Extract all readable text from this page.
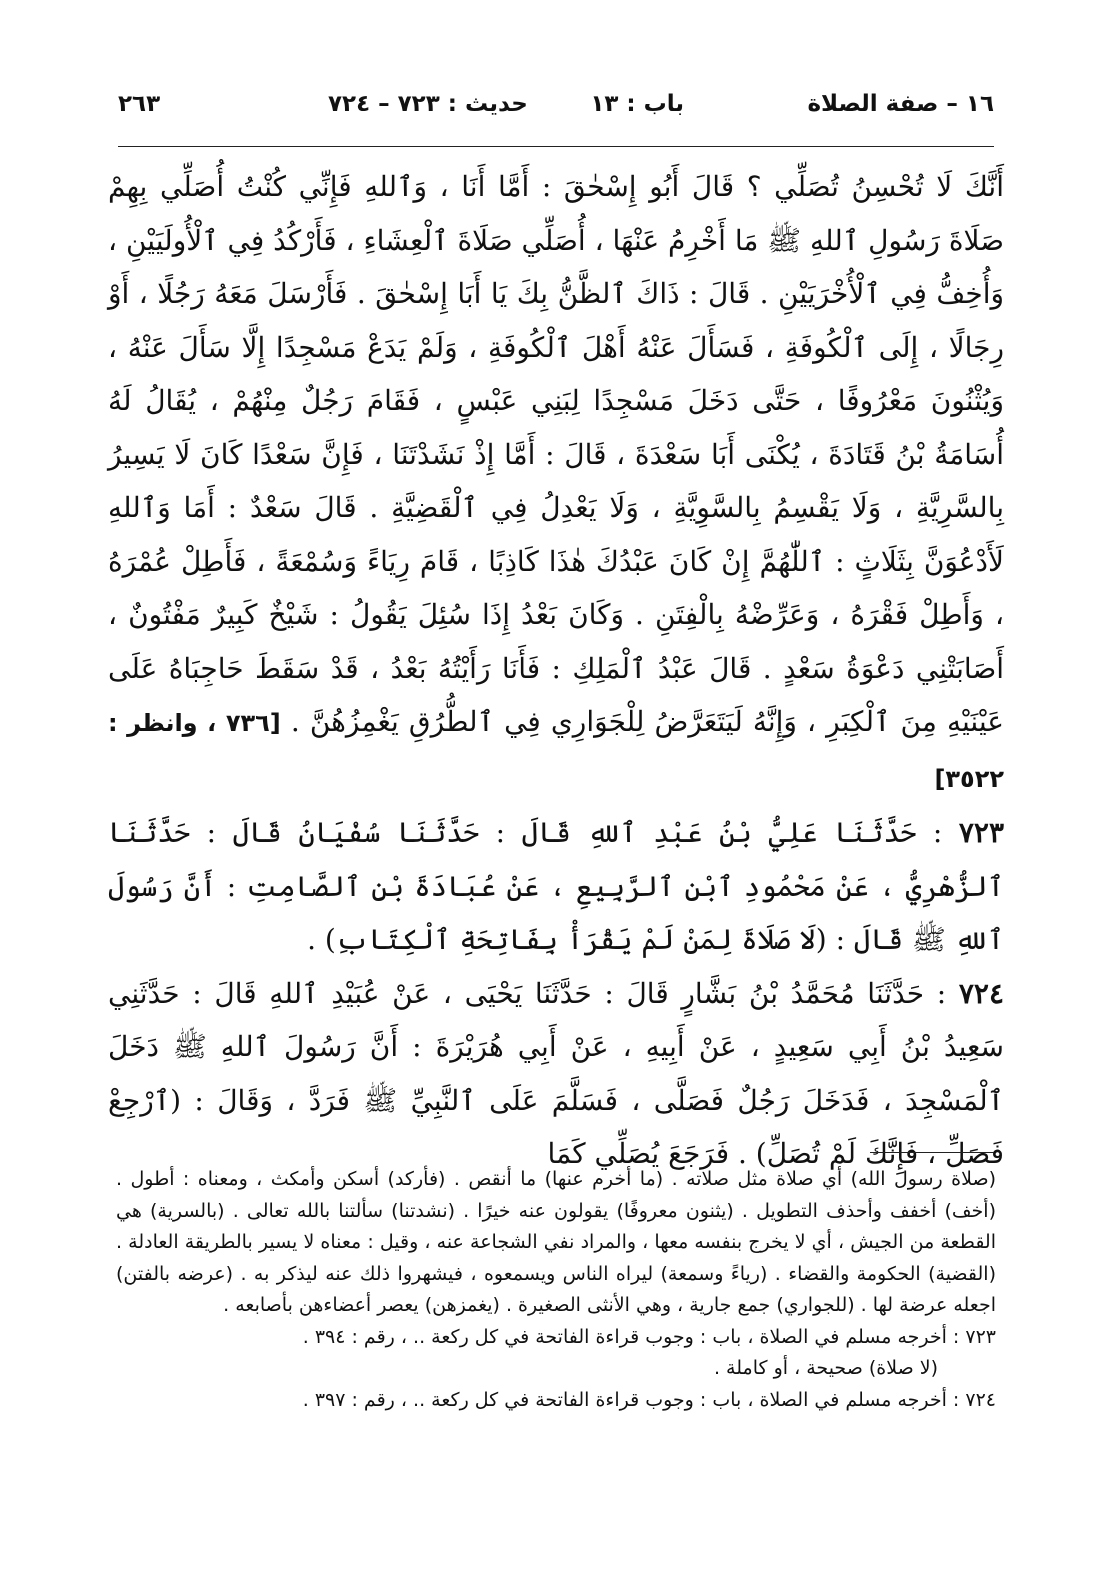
١٦ – صفة الصلاة
باب : ١٣
حديث : ٧٢٣ – ٧٢٤
٢٦٣

أَنَّكَ لَا تُحْسِنُ تُصَلِّي ؟ قَالَ أَبُو إِسْحٰقَ : أَمَّا أَنَا ، وَٱللهِ فَإِنِّي كُنْتُ أُصَلِّي بِهِمْ صَلَاةَ رَسُولِ ٱللهِ ﷺ مَا أَخْرِمُ عَنْهَا ، أُصَلِّي صَلَاةَ ٱلْعِشَاءِ ، فَأَرْكُدُ فِي ٱلْأُولَيَيْنِ ، وَأُخِفُّ فِي ٱلْأُخْرَيَيْنِ . قَالَ : ذَاكَ ٱلظَّنُّ بِكَ يَا أَبَا إِسْحٰقَ . فَأَرْسَلَ مَعَهُ رَجُلًا ، أَوْ رِجَالًا ، إِلَى ٱلْكُوفَةِ ، فَسَأَلَ عَنْهُ أَهْلَ ٱلْكُوفَةِ ، وَلَمْ يَدَعْ مَسْجِدًا إِلَّا سَأَلَ عَنْهُ ، وَيُثْنُونَ مَعْرُوفًا ، حَتَّى دَخَلَ مَسْجِدًا لِبَنِي عَبْسٍ ، فَقَامَ رَجُلٌ مِنْهُمْ ، يُقَالُ لَهُ أُسَامَةُ بْنُ قَتَادَةَ ، يُكْنَى أَبَا سَعْدَةَ ، قَالَ : أَمَّا إِذْ نَشَدْتَنَا ، فَإِنَّ سَعْدًا كَانَ لَا يَسِيرُ بِالسَّرِيَّةِ ، وَلَا يَقْسِمُ بِالسَّوِيَّةِ ، وَلَا يَعْدِلُ فِي ٱلْقَضِيَّةِ . قَالَ سَعْدٌ : أَمَا وَٱللهِ لَأَدْعُوَنَّ بِثَلَاثٍ : ٱللّٰهُمَّ إِنْ كَانَ عَبْدُكَ هٰذَا كَاذِبًا ، قَامَ رِيَاءً وَسُمْعَةً ، فَأَطِلْ عُمْرَهُ ، وَأَطِلْ فَقْرَهُ ، وَعَرِّضْهُ بِالْفِتَنِ . وَكَانَ بَعْدُ إِذَا سُئِلَ يَقُولُ : شَيْخٌ كَبِيرٌ مَفْتُونٌ ، أَصَابَتْنِي دَعْوَةُ سَعْدٍ . قَالَ عَبْدُ ٱلْمَلِكِ : فَأَنَا رَأَيْتُهُ بَعْدُ ، قَدْ سَقَطَ حَاجِبَاهُ عَلَى عَيْنَيْهِ مِنَ ٱلْكِبَرِ ، وَإِنَّهُ لَيَتَعَرَّضُ لِلْجَوَارِي فِي ٱلطُّرُقِ يَغْمِزُهُنَّ . [٧٣٦ ، وانظر : ٣٥٢٢]

٧٢٣ : حَدَّثَنَا عَلِيُّ بْنُ عَبْدِ ٱللهِ قَالَ : حَدَّثَنَا سُفْيَانُ قَالَ : حَدَّثَنَا ٱلزُّهْرِيُّ ، عَنْ مَحْمُودِ ٱبْنِ ٱلرَّبِيعِ ، عَنْ عُبَادَةَ بْنِ ٱلصَّامِتِ : أَنَّ رَسُولَ ٱللهِ ﷺ قَالَ : (لَا صَلَاةَ لِمَنْ لَمْ يَقْرَأْ بِفَاتِحَةِ ٱلْكِتَابِ) .

٧٢٤ : حَدَّثَنَا مُحَمَّدُ بْنُ بَشَّارٍ قَالَ : حَدَّثَنَا يَحْيَى ، عَنْ عُبَيْدِ ٱللهِ قَالَ : حَدَّثَنِي سَعِيدُ بْنُ أَبِي سَعِيدٍ ، عَنْ أَبِيهِ ، عَنْ أَبِي هُرَيْرَةَ : أَنَّ رَسُولَ ٱللهِ ﷺ دَخَلَ ٱلْمَسْجِدَ ، فَدَخَلَ رَجُلٌ فَصَلَّى ، فَسَلَّمَ عَلَى ٱلنَّبِيِّ ﷺ فَرَدَّ ، وَقَالَ : (ٱرْجِعْ فَصَلِّ ، فَإِنَّكَ لَمْ تُصَلِّ) . فَرَجَعَ يُصَلِّي كَمَا

(صلاة رسول الله) أي صلاة مثل صلاته . (ما أخرم عنها) ما أنقص . (فأركد) أسكن وأمكث ، ومعناه : أطول . (أخف) أخفف وأحذف التطويل . (يثنون معروفًا) يقولون عنه خيرًا . (نشدتنا) سألتنا بالله تعالى . (بالسرية) هي القطعة من الجيش ، أي لا يخرج بنفسه معها ، والمراد نفي الشجاعة عنه ، وقيل : معناه لا يسير بالطريقة العادلة . (القضية) الحكومة والقضاء . (رياءً وسمعة) ليراه الناس ويسمعوه ، فيشهروا ذلك عنه ليذكر به . (عرضه بالفتن) اجعله عرضة لها . (للجواري) جمع جارية ، وهي الأنثى الصغيرة . (يغمزهن) يعصر أعضاءهن بأصابعه .

٧٢٣ : أخرجه مسلم في الصلاة ، باب : وجوب قراءة الفاتحة في كل ركعة .. ، رقم : ٣٩٤ .

(لا صلاة) صحيحة ، أو كاملة .

٧٢٤ : أخرجه مسلم في الصلاة ، باب : وجوب قراءة الفاتحة في كل ركعة .. ، رقم : ٣٩٧ .
